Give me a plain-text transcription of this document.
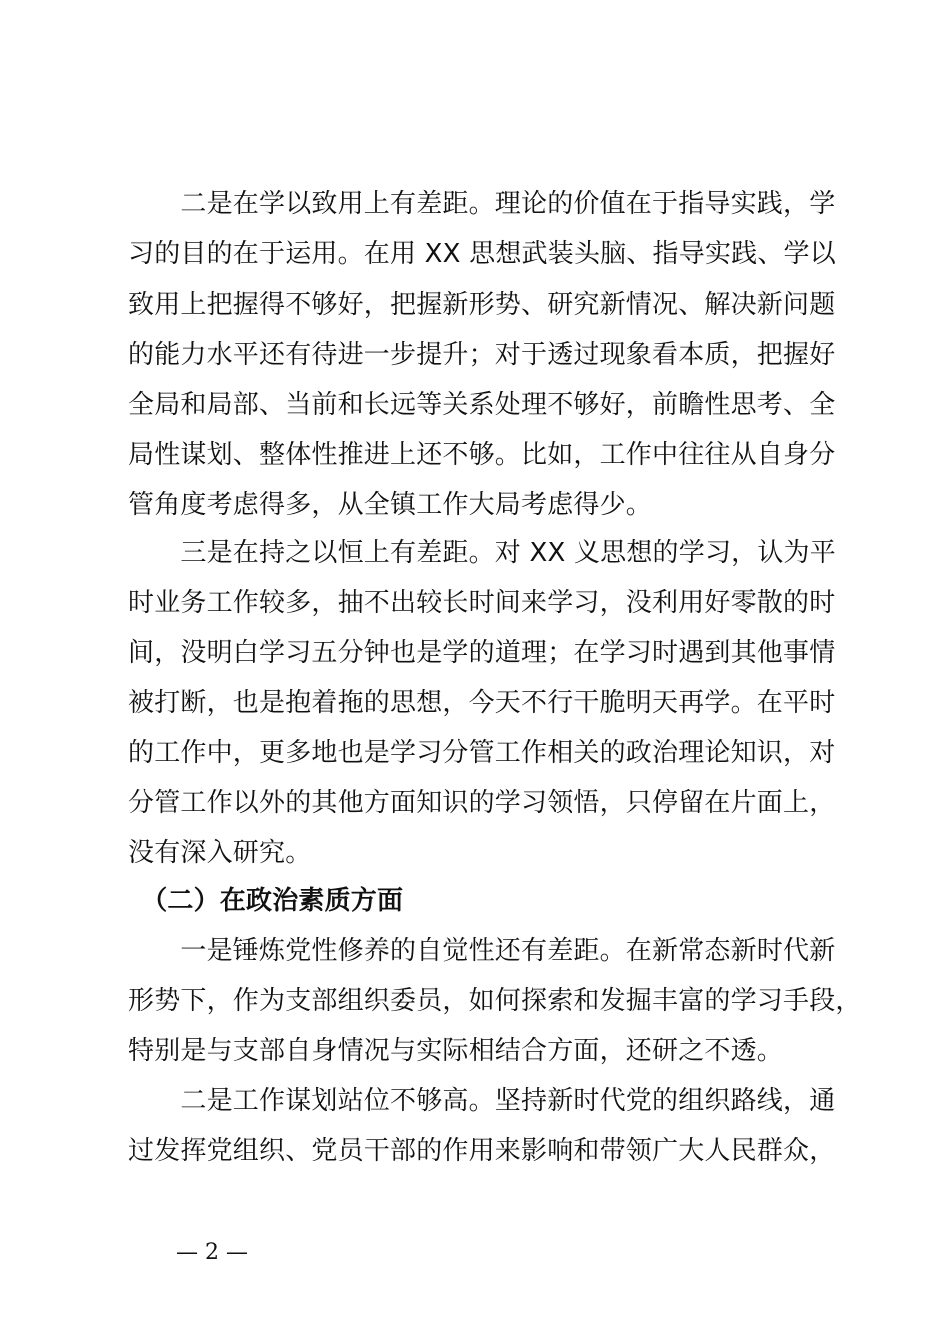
　　二是在学以致用上有差距。理论的价值在于指导实践，学
习的目的在于运用。在用 XX 思想武装头脑、指导实践、学以
致用上把握得不够好，把握新形势、研究新情况、解决新问题
的能力水平还有待进一步提升；对于透过现象看本质，把握好
全局和局部、当前和长远等关系处理不够好，前瞻性思考、全
局性谋划、整体性推进上还不够。比如，工作中往往从自身分
管角度考虑得多，从全镇工作大局考虑得少。
　　三是在持之以恒上有差距。对 XX 义思想的学习，认为平
时业务工作较多，抽不出较长时间来学习，没利用好零散的时
间，没明白学习五分钟也是学的道理；在学习时遇到其他事情
被打断，也是抱着拖的思想，今天不行干脆明天再学。在平时
的工作中，更多地也是学习分管工作相关的政治理论知识，对
分管工作以外的其他方面知识的学习领悟，只停留在片面上，
没有深入研究。
　（二）在政治素质方面
　　一是锤炼党性修养的自觉性还有差距。在新常态新时代新
形势下，作为支部组织委员，如何探索和发掘丰富的学习手段，
特别是与支部自身情况与实际相结合方面，还研之不透。
　　二是工作谋划站位不够高。坚持新时代党的组织路线，通
过发挥党组织、党员干部的作用来影响和带领广大人民群众，
— 2 —
